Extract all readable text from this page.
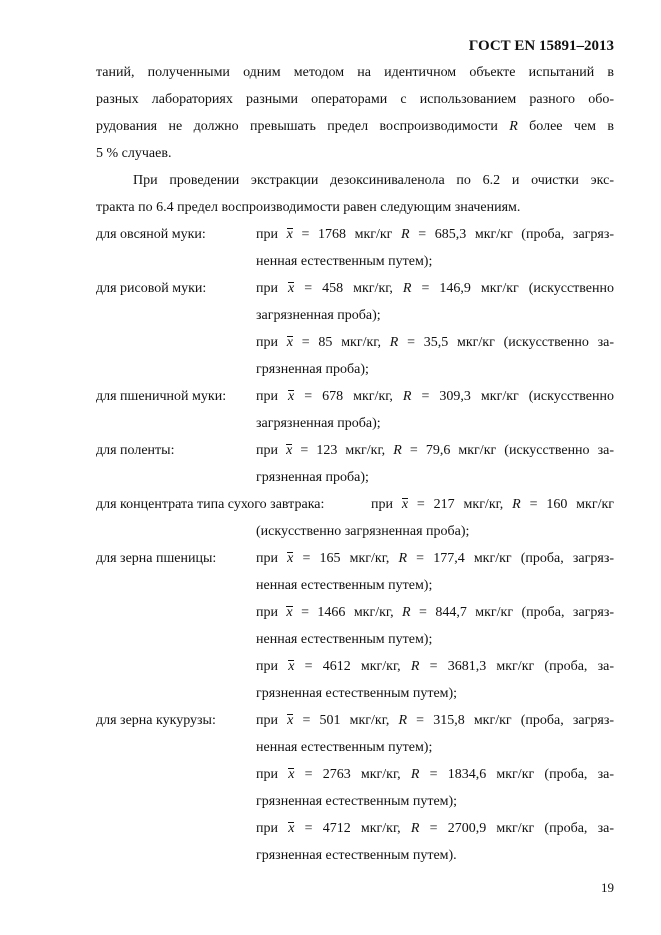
ГОСТ EN 15891–2013
таний, полученными одним методом на идентичном объекте испытаний в
разных лабораториях разными операторами с использованием разного обо-
рудования не должно превышать предел воспроизводимости R более чем в
5 % случаев.
При проведении экстракции дезоксиниваленола по 6.2 и очистки экс-
тракта по 6.4 предел воспроизводимости равен следующим значениям.
для овсяной муки:	при x = 1768 мкг/кг R = 685,3 мкг/кг (проба, загряз-
ненная естественным путем);
для рисовой муки:	при x = 458 мкг/кг, R = 146,9 мкг/кг (искусственно
загрязненная проба);
при x = 85 мкг/кг, R = 35,5 мкг/кг (искусственно за-
грязненная проба);
для пшеничной муки: при x = 678 мкг/кг, R = 309,3 мкг/кг (искусственно
загрязненная проба);
для поленты:	при x = 123 мкг/кг, R = 79,6 мкг/кг (искусственно за-
грязненная проба);
для концентрата типа сухого завтрака:	при x = 217 мкг/кг, R = 160 мкг/кг
(искусственно загрязненная проба);
для зерна пшеницы:	при x = 165 мкг/кг, R = 177,4 мкг/кг (проба, загряз-
ненная естественным путем);
при x = 1466 мкг/кг, R = 844,7 мкг/кг (проба, загряз-
ненная естественным путем);
при x = 4612 мкг/кг, R = 3681,3 мкг/кг (проба, за-
грязненная естественным путем);
для зерна кукурузы:	при x = 501 мкг/кг, R = 315,8 мкг/кг (проба, загряз-
ненная естественным путем);
при x = 2763 мкг/кг, R = 1834,6 мкг/кг (проба, за-
грязненная естественным путем);
при x = 4712 мкг/кг, R = 2700,9 мкг/кг (проба, за-
грязненная естественным путем).
19
